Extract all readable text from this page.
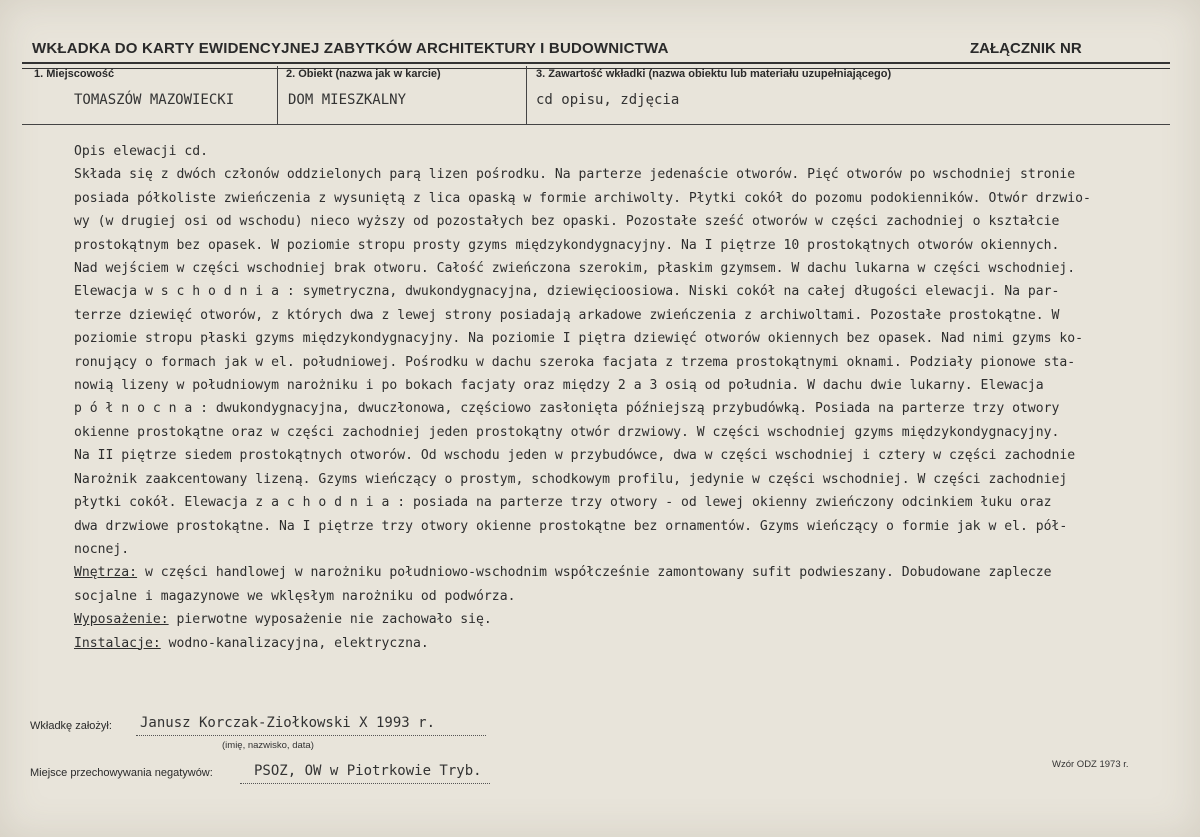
WKŁADKA DO KARTY EWIDENCYJNEJ ZABYTKÓW ARCHITEKTURY I BUDOWNICTWA	ZAŁĄCZNIK NR
1. Miejscowość
TOMASZÓW MAZOWIECKI
2. Obiekt (nazwa jak w karcie)
DOM MIESZKALNY
3. Zawartość wkładki (nazwa obiektu lub materiału uzupełniającego)
cd opisu, zdjęcia

Opis elewacji cd.

Składa się z dwóch członów oddzielonych parą lizen pośrodku. Na parterze jedenaście otworów. Pięć otworów po wschodniej stronie

posiada półkoliste zwieńczenia z wysuniętą z lica opaską w formie archiwolty. Płytki cokół do pozomu podokienników. Otwór drzwio-

wy (w drugiej osi od wschodu) nieco wyższy od pozostałych bez opaski. Pozostałe sześć otworów w części zachodniej o kształcie

prostokątnym bez opasek. W poziomie stropu prosty gzyms międzykondygnacyjny. Na I piętrze 10 prostokątnych otworów okiennych.

Nad wejściem w części wschodniej brak otworu. Całość zwieńczona szerokim, płaskim gzymsem. W dachu lukarna w części wschodniej.

Elewacja w s c h o d n i a : symetryczna, dwukondygnacyjna, dziewięcioosiowa. Niski cokół na całej długości elewacji. Na par-

terrze dziewięć otworów, z których dwa z lewej strony posiadają arkadowe zwieńczenia z archiwoltami. Pozostałe prostokątne. W

poziomie stropu płaski gzyms międzykondygnacyjny. Na poziomie I piętra dziewięć otworów okiennych bez opasek. Nad nimi gzyms ko-

ronujący o formach jak w el. południowej. Pośrodku w dachu szeroka facjata z trzema prostokątnymi oknami. Podziały pionowe sta-

nowią lizeny w południowym narożniku i po bokach facjaty oraz między 2 a 3 osią od południa. W dachu dwie lukarny. Elewacja

p ó ł n o c n a : dwukondygnacyjna, dwuczłonowa, częściowo zasłonięta późniejszą przybudówką. Posiada na parterze trzy otwory

okienne prostokątne oraz w części zachodniej jeden prostokątny otwór drzwiowy. W części wschodniej gzyms międzykondygnacyjny.

Na II piętrze siedem prostokątnych otworów. Od wschodu jeden w przybudówce, dwa w części wschodniej i cztery w części zachodnie

Narożnik zaakcentowany lizeną. Gzyms wieńczący o prostym, schodkowym profilu, jedynie w części wschodniej. W części zachodniej

płytki cokół. Elewacja z a c h o d n i a : posiada na parterze trzy otwory - od lewej okienny zwieńczony odcinkiem łuku oraz

dwa drzwiowe prostokątne. Na I piętrze trzy otwory okienne prostokątne bez ornamentów. Gzyms wieńczący o formie jak w el. pół-

nocnej.

Wnętrza: w części handlowej w narożniku południowo-wschodnim współcześnie zamontowany sufit podwieszany. Dobudowane zaplecze

socjalne i magazynowe we wklęsłym narożniku od podwórza.

Wyposażenie: pierwotne wyposażenie nie zachowało się.

Instalacje: wodno-kanalizacyjna, elektryczna.

Wkładkę założył: Janusz Korczak-Ziołkowski X 1993 r.
(imię, nazwisko, data)
Miejsce przechowywania negatywów:	PSOZ, OW w Piotrkowie Tryb.	Wzór ODZ 1973 r.
